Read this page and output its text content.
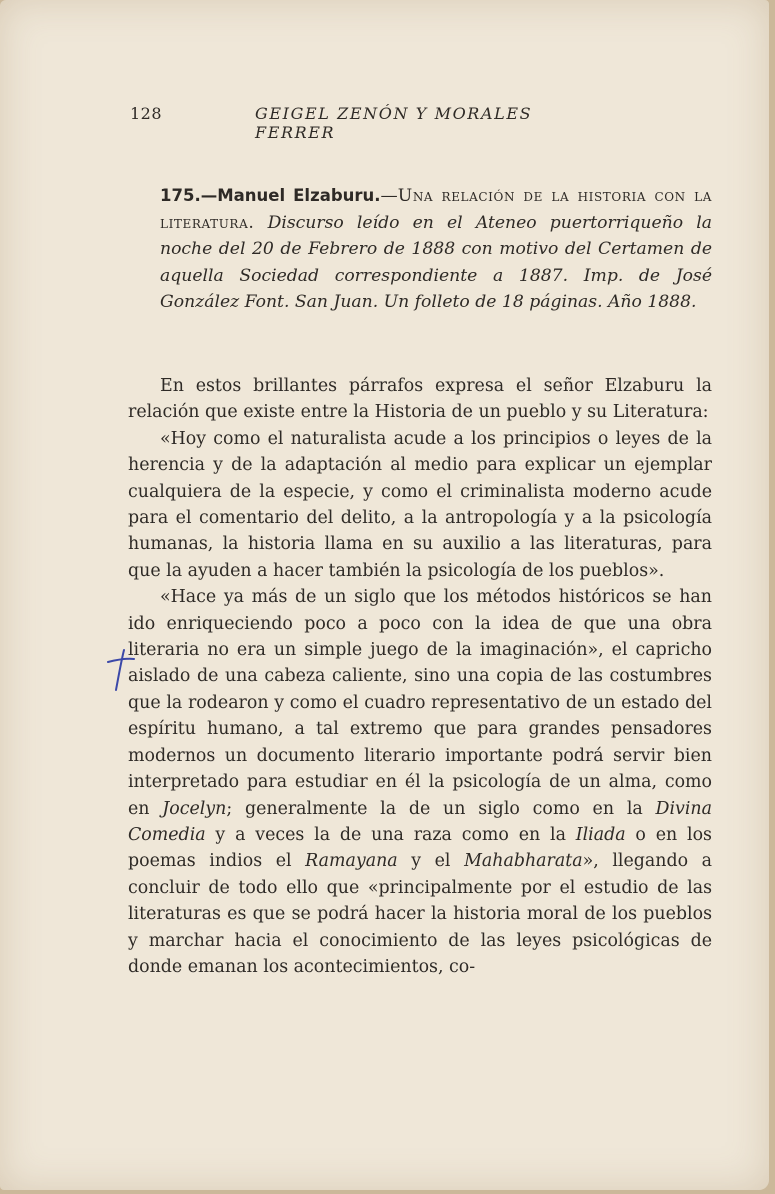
128	GEIGEL ZENÓN Y MORALES FERRER
175.—Manuel Elzaburu.—Una relación de la historia con la literatura. Discurso leído en el Ateneo puertorriqueño la noche del 20 de Febrero de 1888 con motivo del Certamen de aquella Sociedad correspondiente a 1887. Imp. de José González Font. San Juan. Un folleto de 18 páginas. Año 1888.

En estos brillantes párrafos expresa el señor Elzaburu la relación que existe entre la Historia de un pueblo y su Literatura:

«Hoy como el naturalista acude a los principios o leyes de la herencia y de la adaptación al medio para explicar un ejemplar cualquiera de la especie, y como el criminalista moderno acude para el comentario del delito, a la antropología y a la psicología humanas, la historia llama en su auxilio a las literaturas, para que la ayuden a hacer también la psicología de los pueblos».

«Hace ya más de un siglo que los métodos históricos se han ido enriqueciendo poco a poco con la idea de que una obra literaria no era un simple juego de la imaginación», el capricho aislado de una cabeza caliente, sino una copia de las costumbres que la rodearon y como el cuadro representativo de un estado del espíritu humano, a tal extremo que para grandes pensadores modernos un documento literario importante podrá servir bien interpretado para estudiar en él la psicología de un alma, como en Jocelyn; generalmente la de un siglo como en la Divina Comedia y a veces la de una raza como en la Iliada o en los poemas indios el Ramayana y el Mahabharata», llegando a concluir de todo ello que «principalmente por el estudio de las literaturas es que se podrá hacer la historia moral de los pueblos y marchar hacia el conocimiento de las leyes psicológicas de donde emanan los acontecimientos, co-
